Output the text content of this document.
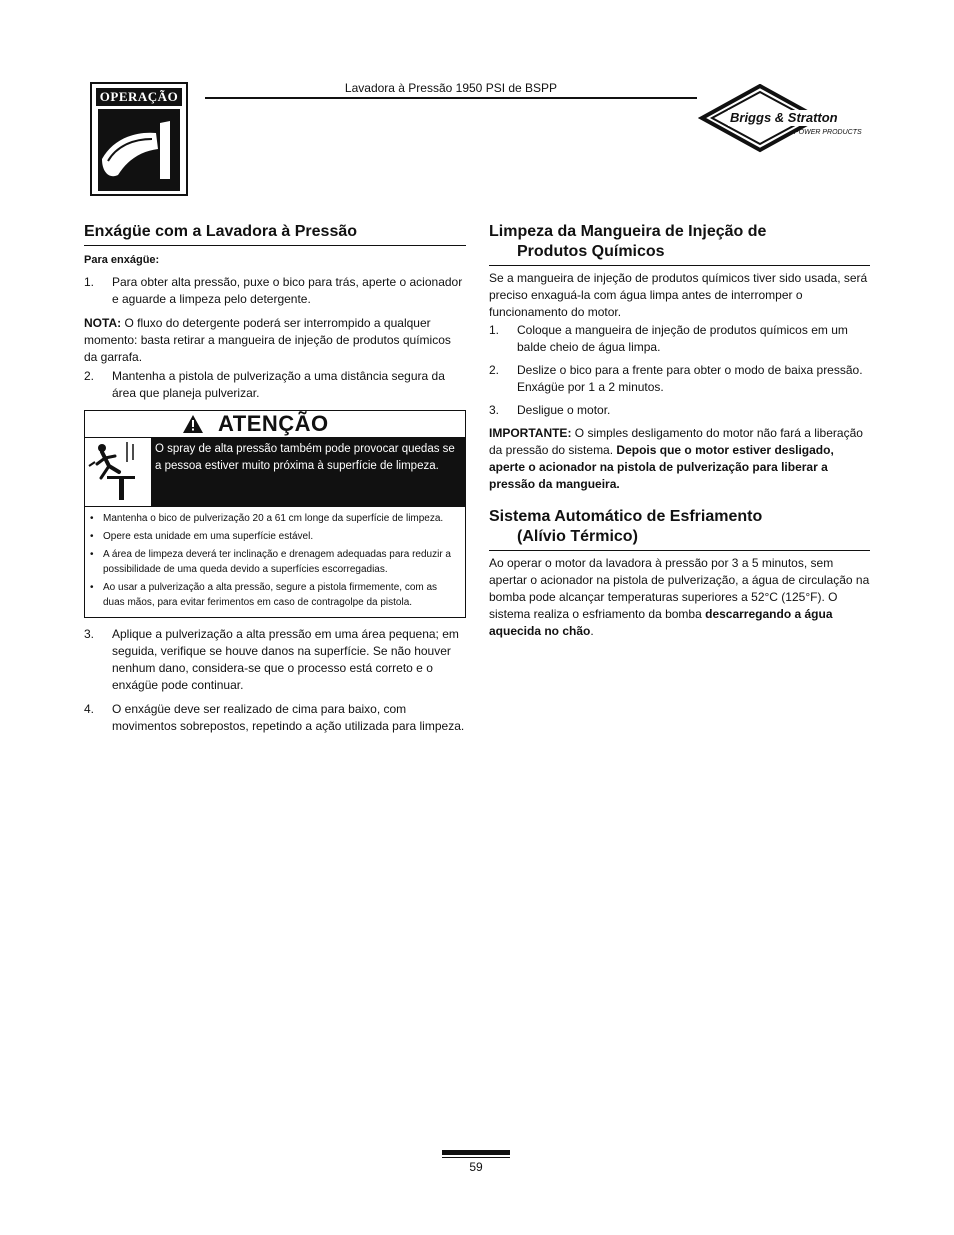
OPERAÇÃO
Lavadora à Pressão 1950 PSI de BSPP
Briggs & Stratton
POWER PRODUCTS
Enxágüe com a Lavadora à Pressão
Para enxágüe:
1.	Para obter alta pressão, puxe o bico para trás, aperte o acionador e aguarde a limpeza pelo detergente.

NOTA: O fluxo do detergente poderá ser interrompido a qualquer momento: basta retirar a mangueira de injeção de produtos químicos da garrafa.

2.	Mantenha a pistola de pulverização a uma distância segura da área que planeja pulverizar.
ATENÇÃO
O spray de alta pressão também pode provocar quedas se a pessoa estiver muito próxima à superfície de limpeza.
• Mantenha o bico de pulverização 20 a 61 cm longe da superfície de limpeza.
• Opere esta unidade em uma superfície estável.
• A área de limpeza deverá ter inclinação e drenagem adequadas para reduzir a possibilidade de uma queda devido a superfícies escorregadias.
• Ao usar a pulverização a alta pressão, segure a pistola firmemente, com as duas mãos, para evitar ferimentos em caso de contragolpe da pistola.
3.	Aplique a pulverização a alta pressão em uma área pequena; em seguida, verifique se houve danos na superfície. Se não houver nenhum dano, considera-se que o processo está correto e o enxágüe pode continuar.
4.	O enxágüe deve ser realizado de cima para baixo, com movimentos sobrepostos, repetindo a ação utilizada para limpeza.
Limpeza da Mangueira de Injeção de
Produtos Químicos

Se a mangueira de injeção de produtos químicos tiver sido usada, será preciso enxaguá-la com água limpa antes de interromper o funcionamento do motor.

1.	Coloque a mangueira de injeção de produtos químicos em um balde cheio de água limpa.
2.	Deslize o bico para a frente para obter o modo de baixa pressão. Enxágüe por 1 a 2 minutos.
3.	Desligue o motor.

IMPORTANTE: O simples desligamento do motor não fará a liberação da pressão do sistema. Depois que o motor estiver desligado, aperte o acionador na pistola de pulverização para liberar a pressão da mangueira.

Sistema Automático de Esfriamento
(Alívio Térmico)

Ao operar o motor da lavadora à pressão por 3 a 5 minutos, sem apertar o acionador na pistola de pulverização, a água de circulação na bomba pode alcançar temperaturas superiores a 52°C (125°F). O sistema realiza o esfriamento da bomba descarregando a água aquecida no chão.

59
